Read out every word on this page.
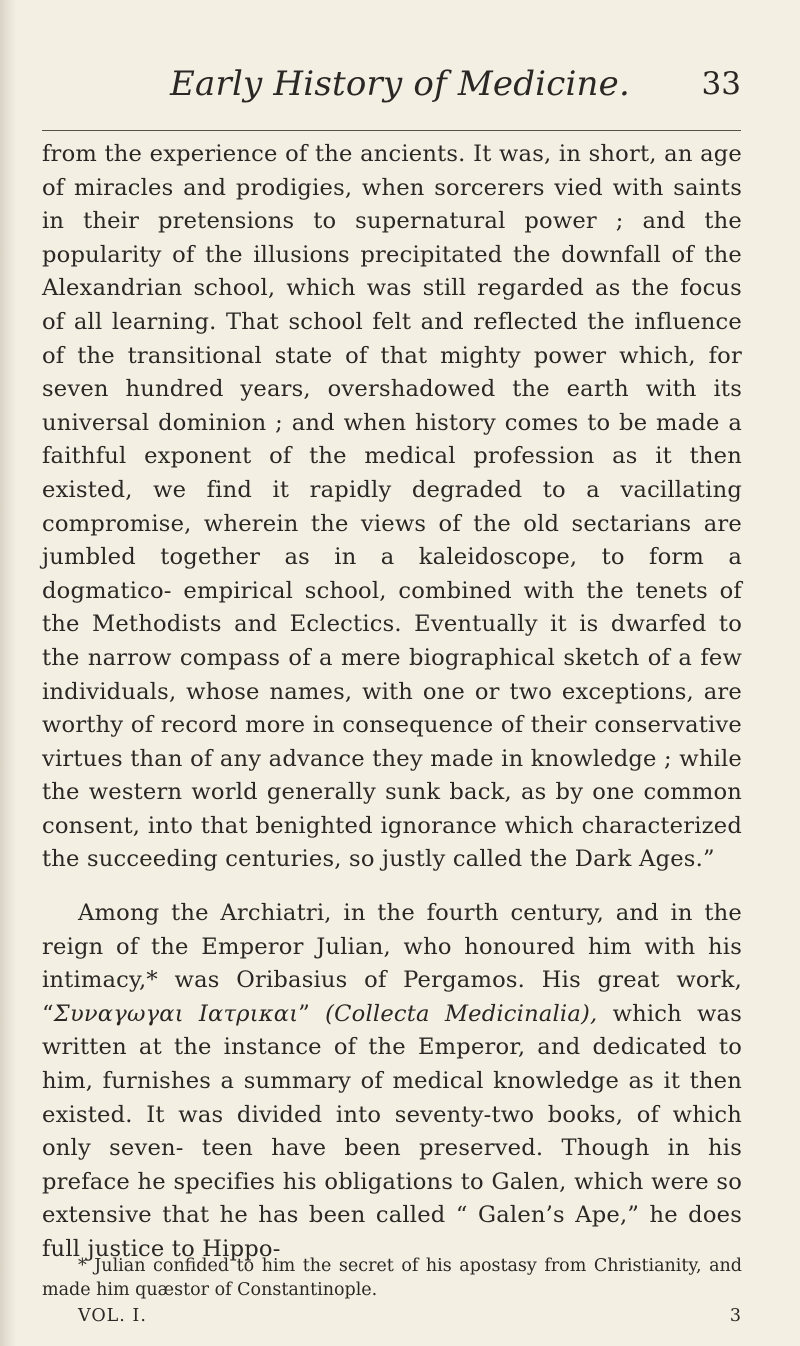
Early History of Medicine.	33

from the experience of the ancients. It was, in short, an age of miracles and prodigies, when sorcerers vied with saints in their pretensions to supernatural power ; and the popularity of the illusions precipitated the downfall of the Alexandrian school, which was still regarded as the focus of all learning. That school felt and reflected the influence of the transitional state of that mighty power which, for seven hundred years, overshadowed the earth with its universal dominion ; and when history comes to be made a faithful exponent of the medical profession as it then existed, we find it rapidly degraded to a vacillating compromise, wherein the views of the old sectarians are jumbled together as in a kaleidoscope, to form a dogmatico- empirical school, combined with the tenets of the Methodists and Eclectics. Eventually it is dwarfed to the narrow compass of a mere biographical sketch of a few individuals, whose names, with one or two exceptions, are worthy of record more in consequence of their conservative virtues than of any advance they made in knowledge ; while the western world generally sunk back, as by one common consent, into that benighted ignorance which characterized the succeeding centuries, so justly called the Dark Ages.”

Among the Archiatri, in the fourth century, and in the reign of the Emperor Julian, who honoured him with his intimacy,* was Oribasius of Pergamos. His great work, “Συναγωγαι Ιατρικαι” (Collecta Medicinalia), which was written at the instance of the Emperor, and dedicated to him, furnishes a summary of medical knowledge as it then existed. It was divided into seventy-two books, of which only seven- teen have been preserved. Though in his preface he specifies his obligations to Galen, which were so extensive that he has been called “ Galen’s Ape,” he does full justice to Hippo-

* Julian confided to him the secret of his apostasy from Christianity, and made him quæstor of Constantinople.
VOL. I.	3
